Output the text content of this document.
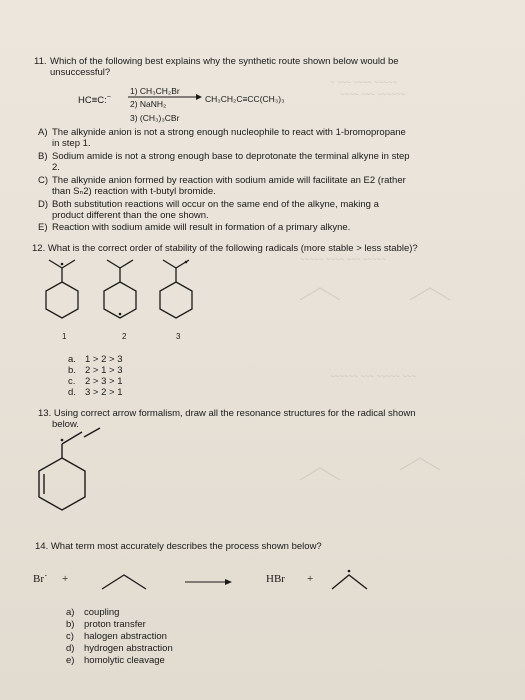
~ ~~~ ~~~~ ~~~~~
~~~~ ~~~ ~~~~~~
~~~~~ ~~~~ ~~~ ~~~~~
~~~~~~ ~~~ ~~~~~ ~~~
11. Which of the following best explains why the synthetic route shown below would be
unsuccessful?
HC≡C:−
1) CH₃CH₂Br
2) NaNH₂
3) (CH₃)₃CBr
CH₃CH₂C≡CC(CH₃)₃
A) The alkynide anion is not a strong enough nucleophile to react with 1-bromopropane
in step 1.
B) Sodium amide is not a strong enough base to deprotonate the terminal alkyne in step
2.
C) The alkynide anion formed by reaction with sodium amide will facilitate an E2 (rather
than Sₙ2) reaction with t-butyl bromide.
D) Both substitution reactions will occur on the same end of the alkyne, making a
product different than the one shown.
E) Reaction with sodium amide will result in formation of a primary alkyne.
12. What is the correct order of stability of the following radicals (more stable > less stable)?
1	2	3
a. 1 > 2 > 3
b. 2 > 1 > 3
c. 2 > 3 > 1
d. 3 > 2 > 1
13. Using correct arrow formalism, draw all the resonance structures for the radical shown
below.
14. What term most accurately describes the process shown below?
Br˙ +	HBr +
a) coupling
b) proton transfer
c) halogen abstraction
d) hydrogen abstraction
e) homolytic cleavage
